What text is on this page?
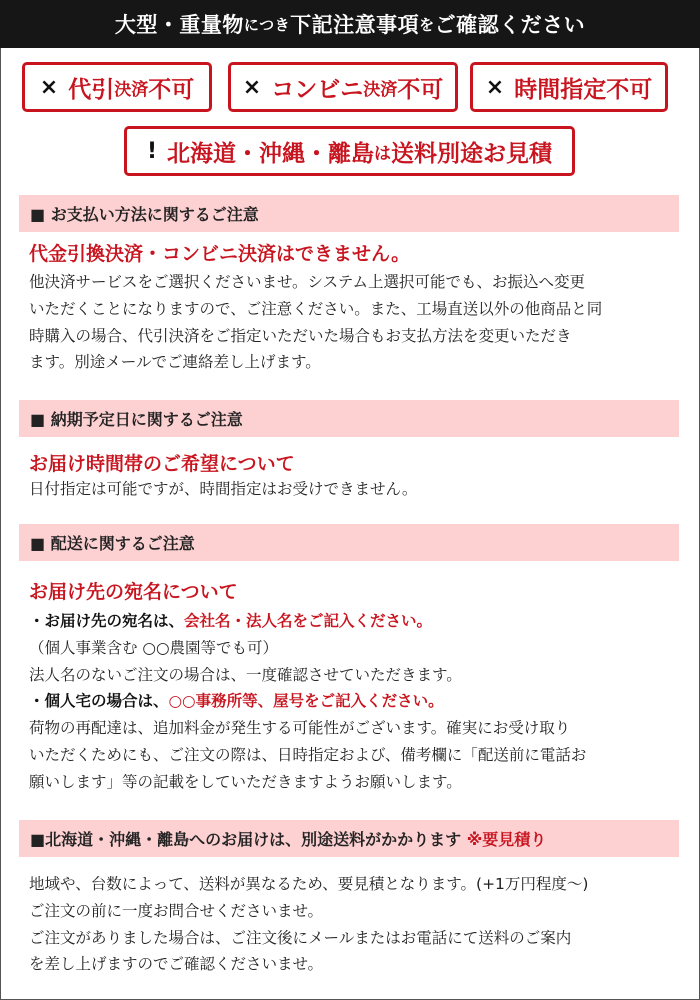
大型・重量物 につき 下記注意事項 を ご確認ください
× 代引 決済 不可 × コンビニ 決済 不可 × 時間指定不可
! 北海道・沖縄・離島 は 送料別途お見積
■ お支払い方法に関するご注意
代金引換決済・コンビニ決済はできません。
他決済サービスをご選択くださいませ。システム上選択可能でも、お振込へ変更
いただくことになりますので、ご注意ください。また、工場直送以外の他商品と同
時購入の場合、代引決済をご指定いただいた場合もお支払方法を変更いただき
ます。別途メールでご連絡差し上げます。
■ 納期予定日に関するご注意
お届け時間帯のご希望について
日付指定は可能ですが、時間指定はお受けできません。
■ 配送に関するご注意
お届け先の宛名について
・お届け先の宛名は、会社名・法人名をご記入ください。
（個人事業含む ○○農園等でも可）
法人名のないご注文の場合は、一度確認させていただきます。
・個人宅の場合は、○○事務所等、屋号をご記入ください。
荷物の再配達は、追加料金が発生する可能性がございます。確実にお受け取り
いただくためにも、ご注文の際は、日時指定および、備考欄に「配送前に電話お
願いします」等の記載をしていただきますようお願いします。
■北海道・沖縄・離島へのお届けは、別途送料がかかります
※要見積り
地域や、台数によって、送料が異なるため、要見積となります。(+1万円程度～)
ご注文の前に一度お問合せくださいませ。
ご注文がありました場合は、ご注文後にメールまたはお電話にて送料のご案内
を差し上げますのでご確認くださいませ。
